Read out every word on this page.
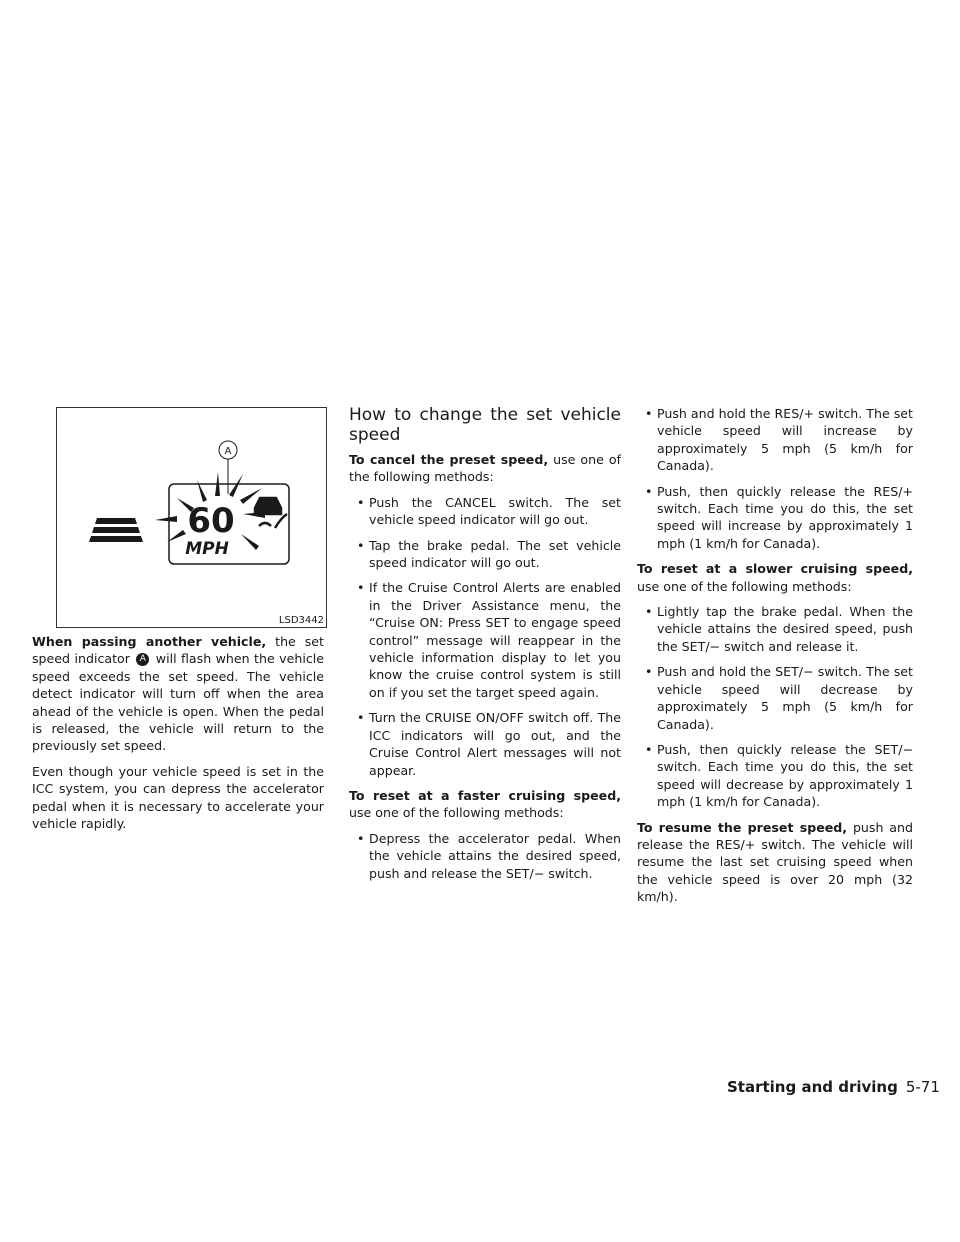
60
MPH
A
LSD3442

When passing another vehicle, the set speed indicator A will flash when the vehicle speed exceeds the set speed. The vehicle detect indicator will turn off when the area ahead of the vehicle is open. When the pedal is released, the vehicle will return to the previously set speed.

Even though your vehicle speed is set in the ICC system, you can depress the accelerator pedal when it is necessary to accelerate your vehicle rapidly.

How to change the set vehicle speed

To cancel the preset speed, use one of the following methods:

• Push the CANCEL switch. The set vehicle speed indicator will go out.
• Tap the brake pedal. The set vehicle speed indicator will go out.
• If the Cruise Control Alerts are enabled in the Driver Assistance menu, the “Cruise ON: Press SET to engage speed control” message will reappear in the vehicle information display to let you know the cruise control system is still on if you set the target speed again.
• Turn the CRUISE ON/OFF switch off. The ICC indicators will go out, and the Cruise Control Alert messages will not appear.

To reset at a faster cruising speed, use one of the following methods:

• Depress the accelerator pedal. When the vehicle attains the desired speed, push and release the SET/− switch.
• Push and hold the RES/+ switch. The set vehicle speed will increase by approximately 5 mph (5 km/h for Canada).
• Push, then quickly release the RES/+ switch. Each time you do this, the set speed will increase by approximately 1 mph (1 km/h for Canada).

To reset at a slower cruising speed, use one of the following methods:

• Lightly tap the brake pedal. When the vehicle attains the desired speed, push the SET/− switch and release it.
• Push and hold the SET/− switch. The set vehicle speed will decrease by approximately 5 mph (5 km/h for Canada).
• Push, then quickly release the SET/− switch. Each time you do this, the set speed will decrease by approximately 1 mph (1 km/h for Canada).

To resume the preset speed, push and release the RES/+ switch. The vehicle will resume the last set cruising speed when the vehicle speed is over 20 mph (32 km/h).

Starting and driving 5-71
